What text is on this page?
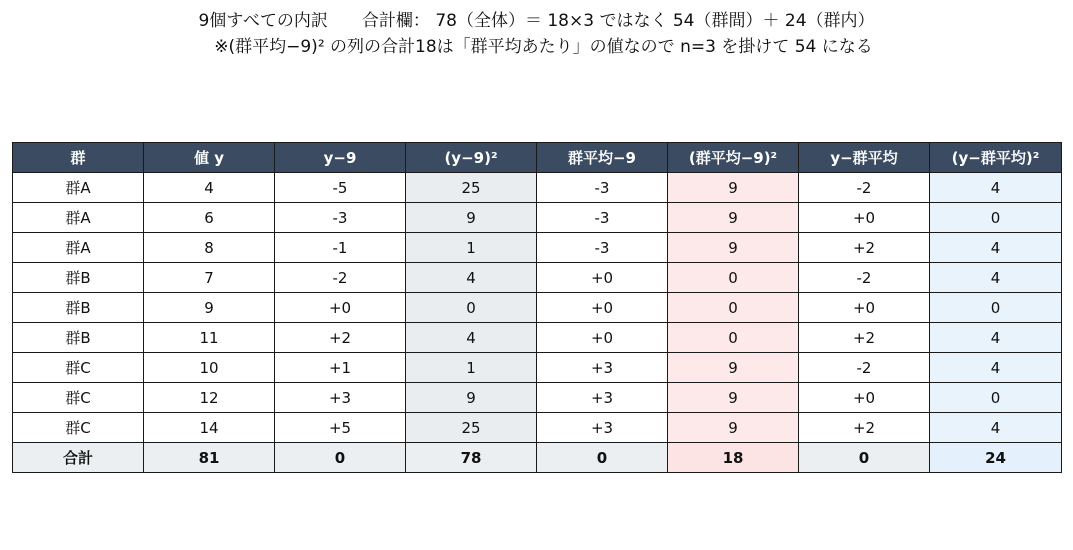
9個すべての内訳　　合計欄： 78（全体）＝ 18×3 ではなく 54（群間）＋ 24（群内）
※(群平均−9)² の列の合計18は「群平均あたり」の値なので n=3 を掛けて 54 になる
群	値 y	y−9	(y−9)²	群平均−9	(群平均−9)²	y−群平均	(y−群平均)²
群A	4	-5	25	-3	9	-2	4
群A	6	-3	9	-3	9	+0	0
群A	8	-1	1	-3	9	+2	4
群B	7	-2	4	+0	0	-2	4
群B	9	+0	0	+0	0	+0	0
群B	11	+2	4	+0	0	+2	4
群C	10	+1	1	+3	9	-2	4
群C	12	+3	9	+3	9	+0	0
群C	14	+5	25	+3	9	+2	4
合計	81	0	78	0	18	0	24
